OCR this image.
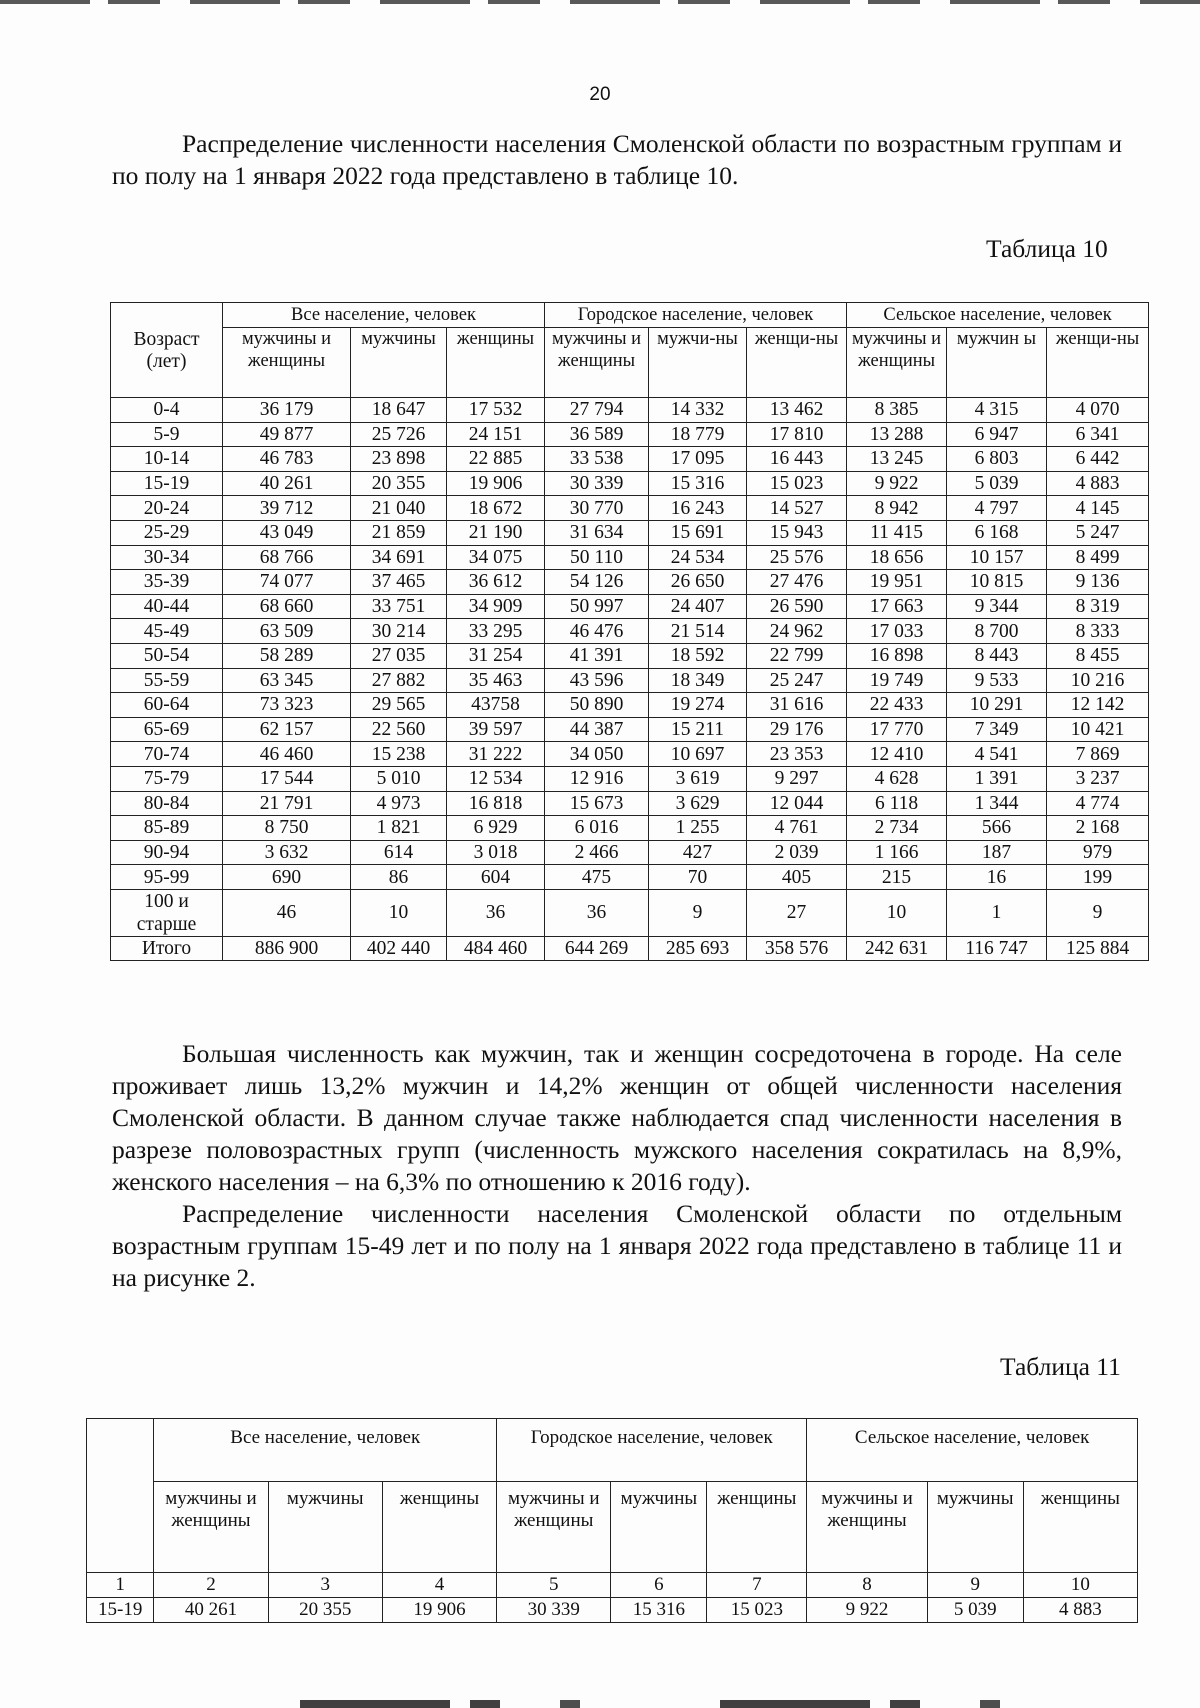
20

Распределение численности населения Смоленской области по возрастным группам и по полу на 1 января 2022 года представлено в таблице 10.

Таблица 10
Возраст (лет)	Все население, человек			Городское население, человек			Сельское население, человек		
	мужчины и женщины	мужчины	женщины	мужчины и женщины	мужчи-ны	женщи-ны	мужчины и женщины	мужчин ы	женщи-ны
0-4	36 179	18 647	17 532	27 794	14 332	13 462	8 385	4 315	4 070
5-9	49 877	25 726	24 151	36 589	18 779	17 810	13 288	6 947	6 341
10-14	46 783	23 898	22 885	33 538	17 095	16 443	13 245	6 803	6 442
15-19	40 261	20 355	19 906	30 339	15 316	15 023	9 922	5 039	4 883
20-24	39 712	21 040	18 672	30 770	16 243	14 527	8 942	4 797	4 145
25-29	43 049	21 859	21 190	31 634	15 691	15 943	11 415	6 168	5 247
30-34	68 766	34 691	34 075	50 110	24 534	25 576	18 656	10 157	8 499
35-39	74 077	37 465	36 612	54 126	26 650	27 476	19 951	10 815	9 136
40-44	68 660	33 751	34 909	50 997	24 407	26 590	17 663	9 344	8 319
45-49	63 509	30 214	33 295	46 476	21 514	24 962	17 033	8 700	8 333
50-54	58 289	27 035	31 254	41 391	18 592	22 799	16 898	8 443	8 455
55-59	63 345	27 882	35 463	43 596	18 349	25 247	19 749	9 533	10 216
60-64	73 323	29 565	43758	50 890	19 274	31 616	22 433	10 291	12 142
65-69	62 157	22 560	39 597	44 387	15 211	29 176	17 770	7 349	10 421
70-74	46 460	15 238	31 222	34 050	10 697	23 353	12 410	4 541	7 869
75-79	17 544	5 010	12 534	12 916	3 619	9 297	4 628	1 391	3 237
80-84	21 791	4 973	16 818	15 673	3 629	12 044	6 118	1 344	4 774
85-89	8 750	1 821	6 929	6 016	1 255	4 761	2 734	566	2 168
90-94	3 632	614	3 018	2 466	427	2 039	1 166	187	979
95-99	690	86	604	475	70	405	215	16	199
100 и старше	46	10	36	36	9	27	10	1	9
Итого	886 900	402 440	484 460	644 269	285 693	358 576	242 631	116 747	125 884

Большая численность как мужчин, так и женщин сосредоточена в городе. На селе проживает лишь 13,2% мужчин и 14,2% женщин от общей численности населения Смоленской области. В данном случае также наблюдается спад численности населения в разрезе половозрастных групп (численность мужского населения сократилась на 8,9%, женского населения – на 6,3% по отношению к 2016 году).

Распределение численности населения Смоленской области по отдельным возрастным группам 15-49 лет и по полу на 1 января 2022 года представлено в таблице 11 и на рисунке 2.

Таблица 11
	Все население, человек			Городское население, человек			Сельское население, человек		
	мужчины и женщины	мужчины	женщины	мужчины и женщины	мужчины	женщины	мужчины и женщины	мужчины	женщины
1	2	3	4	5	6	7	8	9	10
15-19	40 261	20 355	19 906	30 339	15 316	15 023	9 922	5 039	4 883
